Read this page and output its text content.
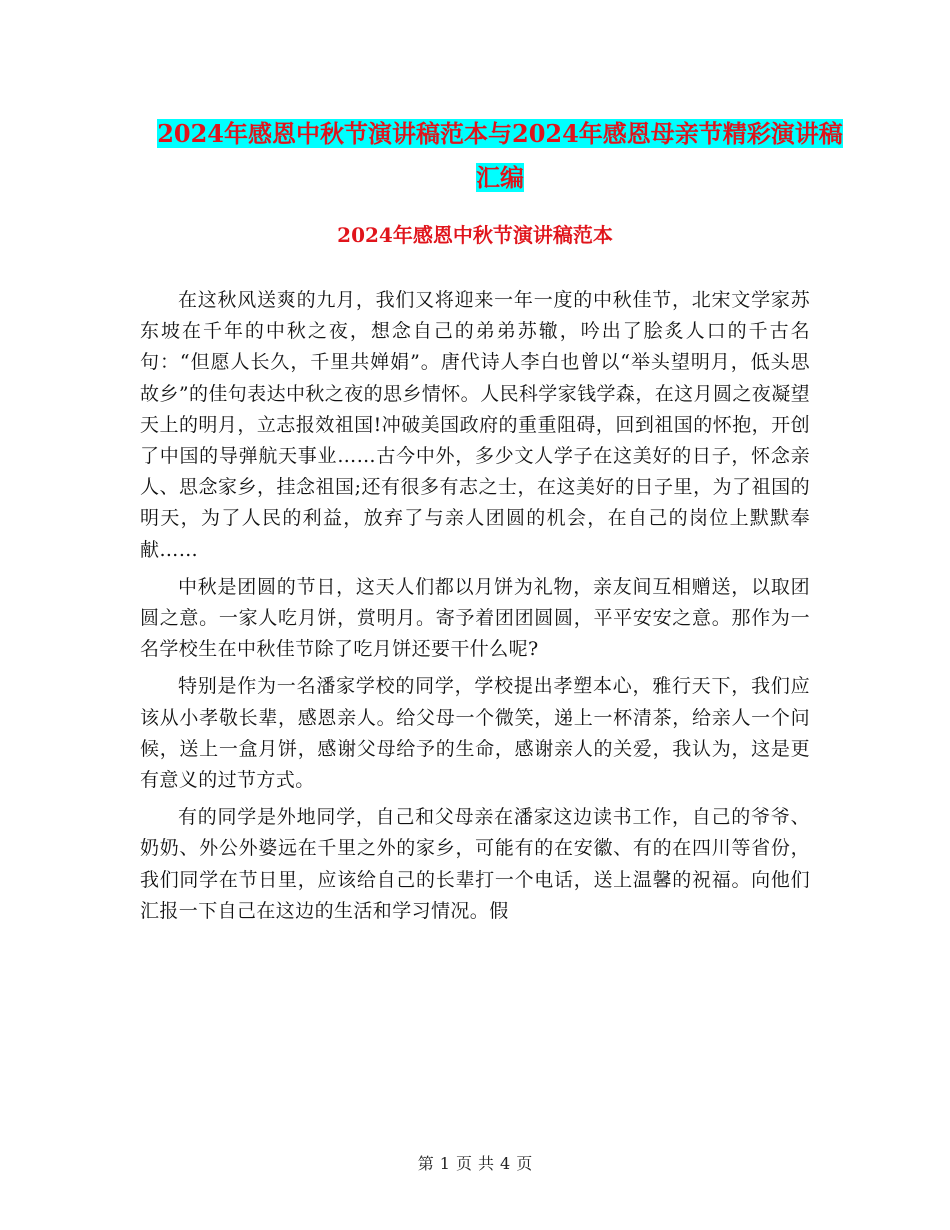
2024年感恩中秋节演讲稿范本与2024年感恩母亲节精彩演讲稿汇编
2024年感恩中秋节演讲稿范本

在这秋风送爽的九月，我们又将迎来一年一度的中秋佳节，北宋文学家苏东坡在千年的中秋之夜，想念自己的弟弟苏辙，吟出了脍炙人口的千古名句：“但愿人长久，千里共婵娟”。唐代诗人李白也曾以“举头望明月，低头思故乡”的佳句表达中秋之夜的思乡情怀。人民科学家钱学森，在这月圆之夜凝望天上的明月，立志报效祖国!冲破美国政府的重重阻碍，回到祖国的怀抱，开创了中国的导弹航天事业……古今中外，多少文人学子在这美好的日子，怀念亲人、思念家乡，挂念祖国;还有很多有志之士，在这美好的日子里，为了祖国的明天，为了人民的利益，放弃了与亲人团圆的机会，在自己的岗位上默默奉献……

中秋是团圆的节日，这天人们都以月饼为礼物，亲友间互相赠送，以取团圆之意。一家人吃月饼，赏明月。寄予着团团圆圆，平平安安之意。那作为一名学校生在中秋佳节除了吃月饼还要干什么呢?

特别是作为一名潘家学校的同学，学校提出孝塑本心，雅行天下，我们应该从小孝敬长辈，感恩亲人。给父母一个微笑，递上一杯清茶，给亲人一个问候，送上一盒月饼，感谢父母给予的生命，感谢亲人的关爱，我认为，这是更有意义的过节方式。

有的同学是外地同学，自己和父母亲在潘家这边读书工作，自己的爷爷、奶奶、外公外婆远在千里之外的家乡，可能有的在安徽、有的在四川等省份，我们同学在节日里，应该给自己的长辈打一个电话，送上温馨的祝福。向他们汇报一下自己在这边的生活和学习情况。假

第 1 页 共 4 页
